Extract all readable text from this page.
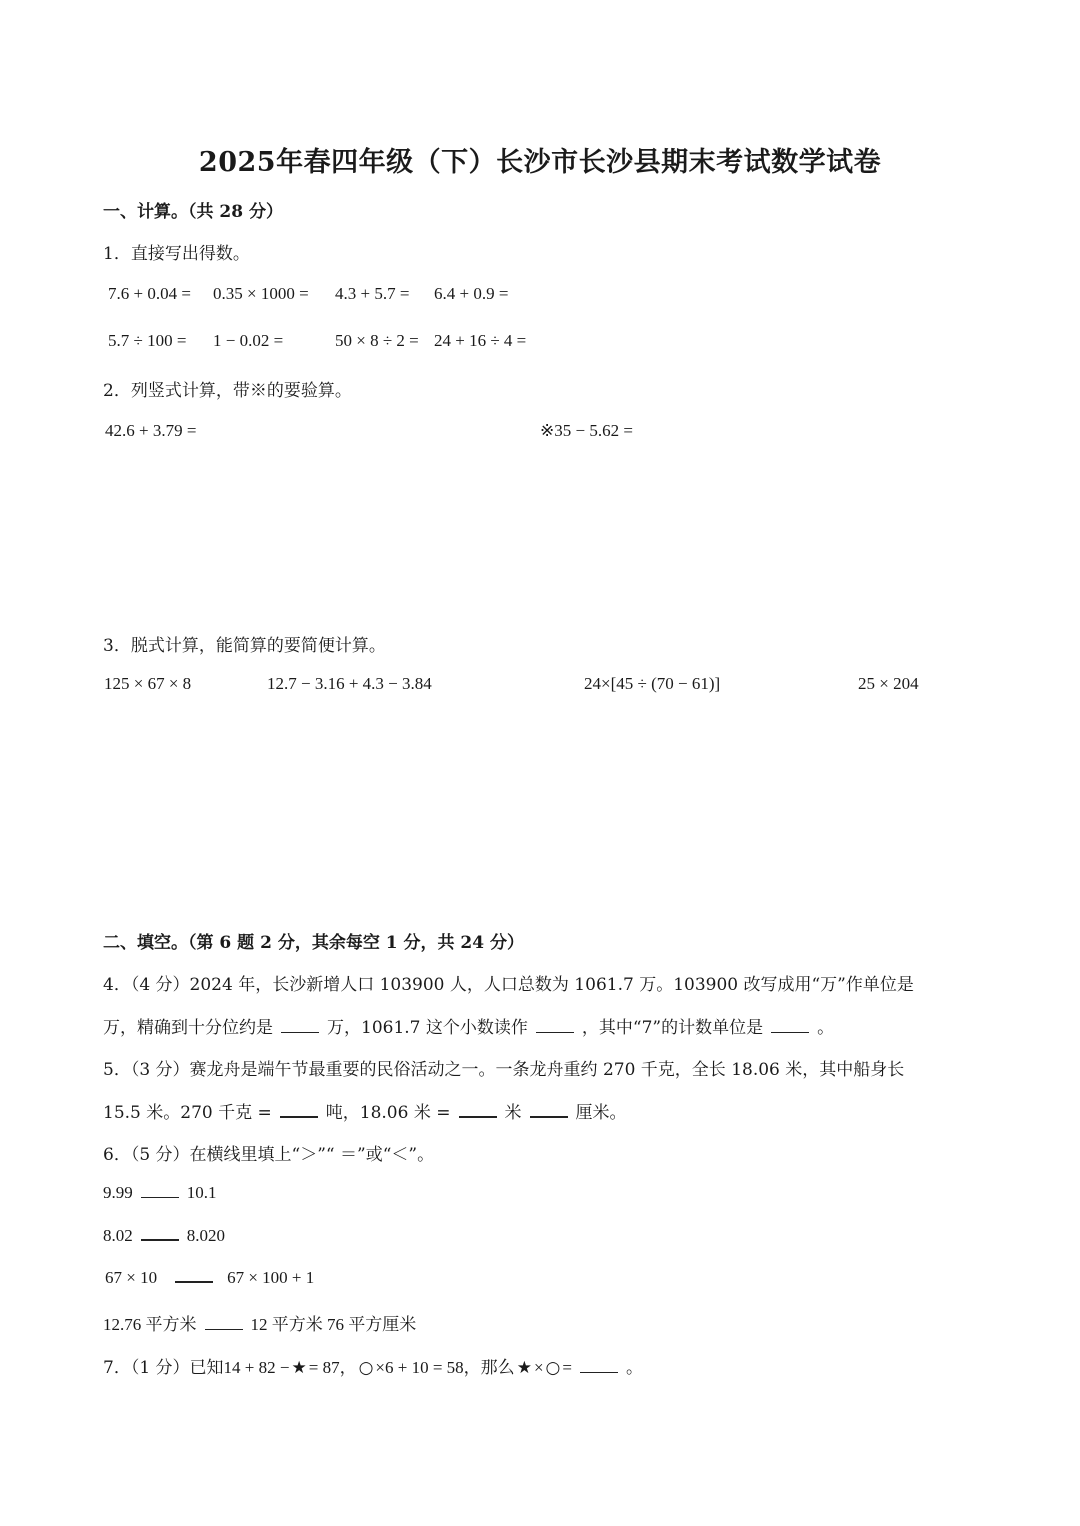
2025年春四年级（下）长沙市长沙县期末考试数学试卷
一、计算。（共 28 分）
1．直接写出得数。
7.6 + 0.04 = 0.35 × 1000 = 4.3 + 5.7 = 6.4 + 0.9 =
5.7 ÷ 100 = 1 − 0.02 =	50 × 8 ÷ 2 = 24 + 16 ÷ 4 =
2．列竖式计算，带※的要验算。
42.6 + 3.79 =	※35 − 5.62 =
3．脱式计算，能简算的要简便计算。
125 × 67 × 8	12.7 − 3.16 + 4.3 − 3.84	24×[45 ÷ (70 − 61)]	25 × 204
二、填空。（第 6 题 2 分，其余每空 1 分，共 24 分）
4．（4 分）2024 年，长沙新增人口 103900 人，人口总数为 1061.7 万。103900 改写成用“万”作单位是
万，精确到十分位约是	万，1061.7 这个小数读作	，其中“7”的计数单位是	。
5．（3 分）赛龙舟是端午节最重要的民俗活动之一。一条龙舟重约 270 千克，全长 18.06 米，其中船身长
15.5 米。270 千克 =	吨，18.06 米 =	米	厘米。
6．（5 分）在横线里填上“＞”“ ＝”或“＜”。
9.99	10.1
8.02	8.020
67 × 10	67 × 100 + 1
12.76 平方米	12 平方米 76 平方厘米
7．（1 分）已知14 + 82 − ★ = 87， ○ ×6 + 10 = 58，那么 ★ × ○ =	。
